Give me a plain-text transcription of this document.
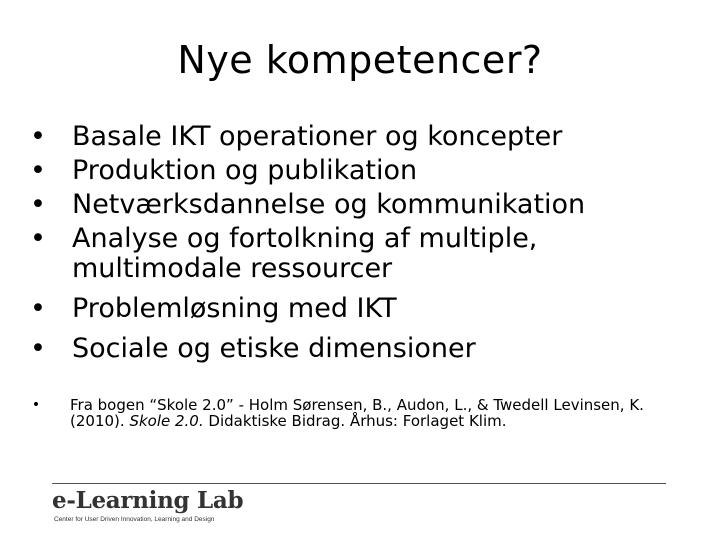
Nye kompetencer?
• Basale IKT operationer og koncepter
• Produktion og publikation
• Netværksdannelse og kommunikation
• Analyse og fortolkning af multiple, multimodale ressourcer
• Problemløsning med IKT
• Sociale og etiske dimensioner
• Fra bogen “Skole 2.0” - Holm Sørensen, B., Audon, L., & Twedell Levinsen, K. (2010). Skole 2.0. Didaktiske Bidrag. Århus: Forlaget Klim.
e-Learning Lab
Center for User Driven Innovation, Learning and Design
